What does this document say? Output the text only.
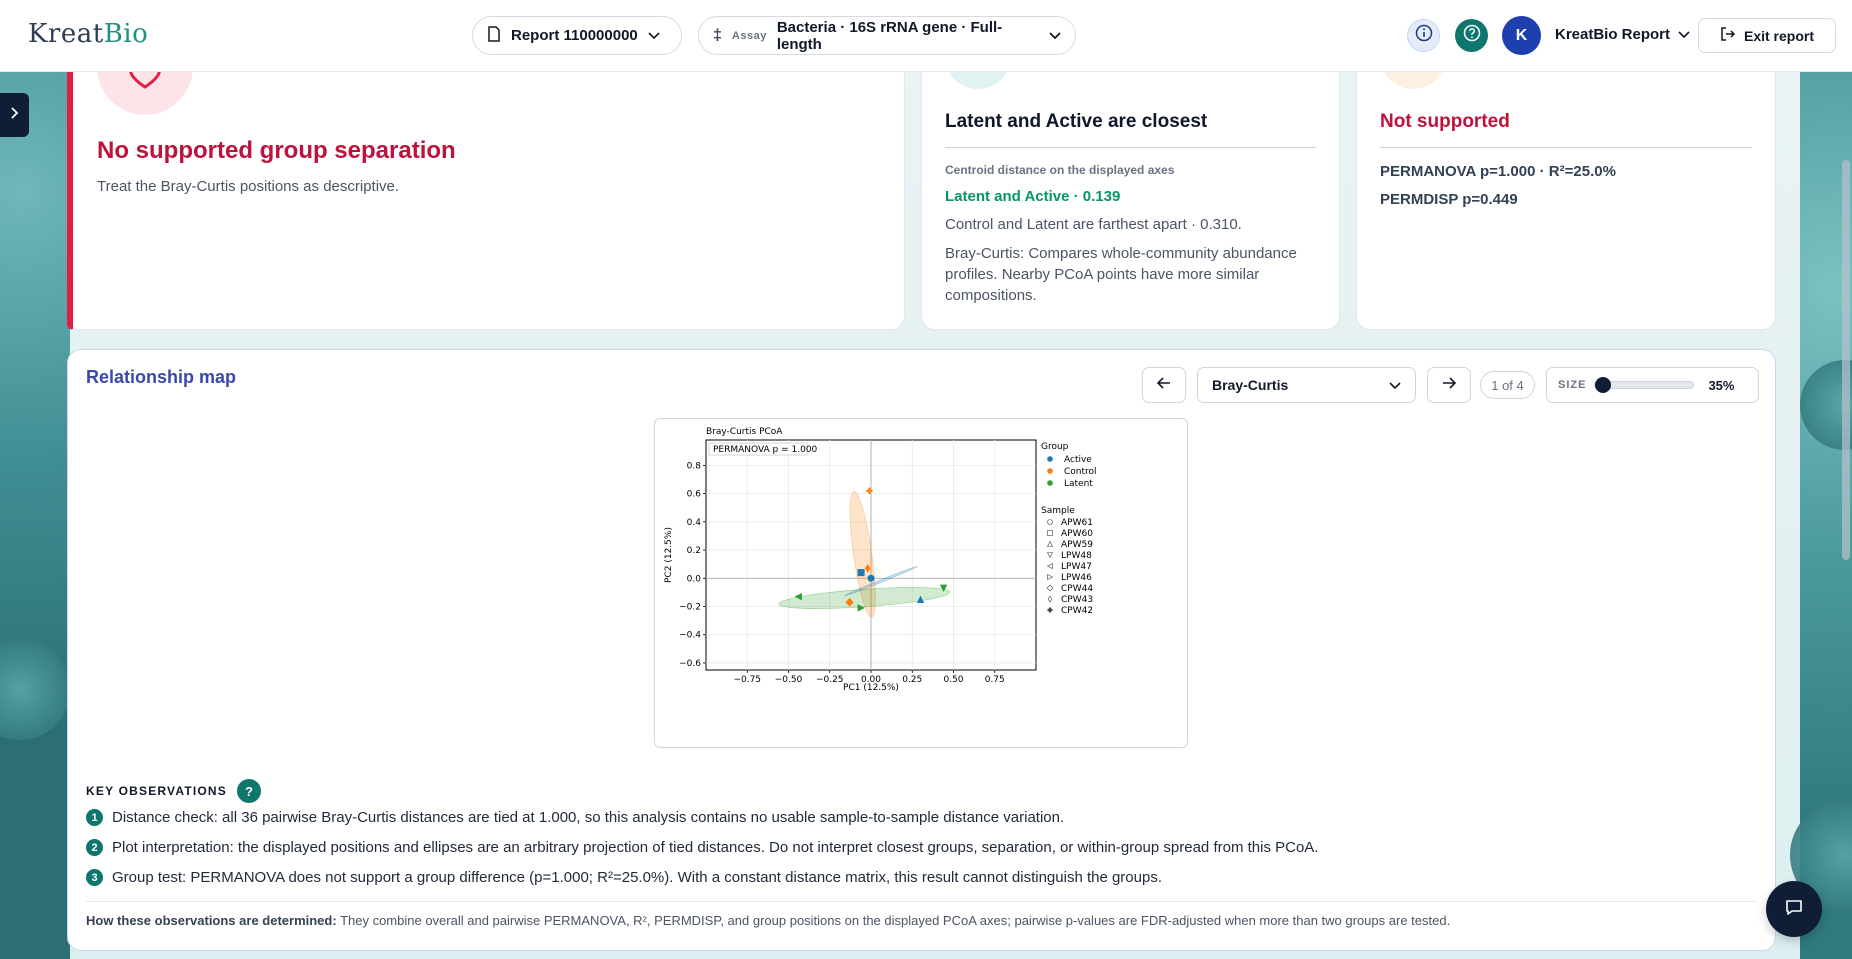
KreatBio	Report 110000000	‡ Assay Bacteria · 16S rRNA gene · Full-length
K	KreatBio Report	Exit report
No supported group separation
Treat the Bray-Curtis positions as descriptive.
Latent and Active are closest
Centroid distance on the displayed axes
Latent and Active · 0.139
Control and Latent are farthest apart · 0.310.
Bray-Curtis: Compares whole-community abundance profiles. Nearby PCoA points have more similar compositions.
Not supported
PERMANOVA p=1.000 · R²=25.0%
PERMDISP p=0.449
Relationship map	Bray-Curtis	1 of 4	SIZE	35%
−0.75 −0.50 −0.25 0.00 0.25 0.50 0.75
−0.6
−0.4
−0.2
0.0
0.2
0.4
0.6
0.8
Bray-Curtis PCoA
PERMANOVA p = 1.000
PC1 (12.5%)
PC2 (12.5%)
Group
Active
Control
Latent
Sample
APW61
APW60
APW59
LPW48
LPW47
LPW46
CPW44
CPW43
CPW42
KEY OBSERVATIONS	?
1 Distance check: all 36 pairwise Bray-Curtis distances are tied at 1.000, so this analysis contains no usable sample-to-sample distance variation.
2 Plot interpretation: the displayed positions and ellipses are an arbitrary projection of tied distances. Do not interpret closest groups, separation, or within-group spread from this PCoA.
3 Group test: PERMANOVA does not support a group difference (p=1.000; R²=25.0%). With a constant distance matrix, this result cannot distinguish the groups.
How these observations are determined: They combine overall and pairwise PERMANOVA, R², PERMDISP, and group positions on the displayed PCoA axes; pairwise p-values are FDR-adjusted when more than two groups are tested.
